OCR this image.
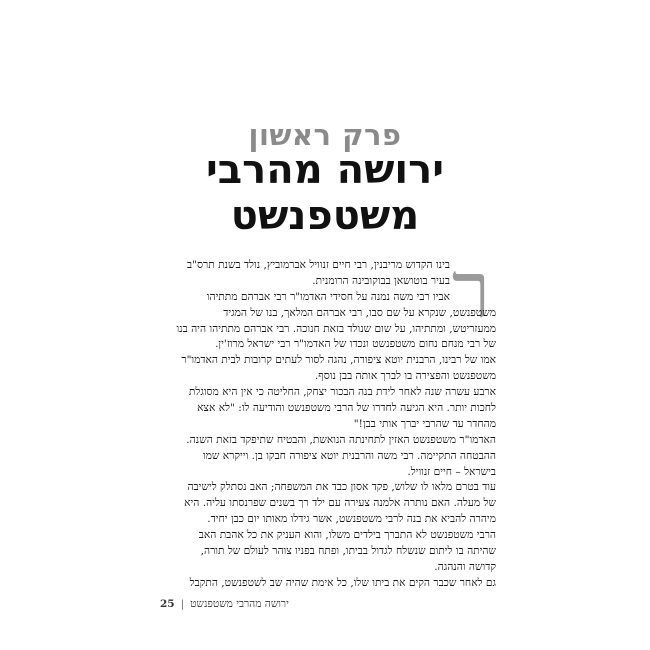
פרק ראשון
ירושה מהרבי
משטפנשט
ר
בינו הקדוש מריבנין, רבי חיים זנוויל אברמוביץ, נולד בשנת תרס"ב
בעיר בוטושאן בבוקובינה הרומנית.
אביו רבי משה נמנה על חסידי האדמו"ר רבי אברהם מתתיהו
משטפנשט, שנקרא על שם סבו, רבי אברהם המלאך, בנו של המגיד
ממעזריטש, ומתתיהו, על שום שנולד בזאת חנוכה. רבי אברהם מתתיהו היה בנו
של רבי מנחם נחום משטפנשט ונכדו של האדמו"ר רבי ישראל מרוז'ין.
אמו של רבינו, הרבנית יוטא ציפורה, נהגה לסור לעתים קרובות לבית האדמו"ר
משטפנשט והפצירה בו לברך אותה בבן נוסף.
ארבע עשרה שנה לאחר לידת בנה הבכור יצחק, החליטה כי אין היא מסוגלת
לחכות יותר. היא הגיעה לחדרו של הרבי משטפנשט והודיעה לו: "לא אצא
מהחדר עד שהרבי יברך אותי בבן!"
האדמו"ר משטפנשט האזין לתחינתה הנואשת, והבטיח שתיפקד בזאת השנה.
ההבטחה התקיימה. רבי משה והרבנית יוטא ציפורה חבקו בן. וייקרא שמו
בישראל – חיים זנוויל.
עוד בטרם מלאו לו שלוש, פקד אסון כבד את המשפחה; האב נסתלק לישיבה
של מעלה. האם נותרה אלמנה צעירה עם ילד רך בשנים שפרנסתו עליה. היא
מיהרה להביא את בנה לרבי משטפנשט, אשר גידלו מאותו יום כבן יחיד.
הרבי משטפנשט לא התברך בילדים משלו, והוא העניק את כל אהבת האב
שהיתה בו ליתום שנשלח לגדול בביתו, ופתח בפניו צוהר לעולם של תורה,
קדושה והנהגה.
גם לאחר שכבר הקים את ביתו שלו, כל אימת שהיה שב לשטפנשט, התקבל
25 | ירושה מהרבי משטפנשט
